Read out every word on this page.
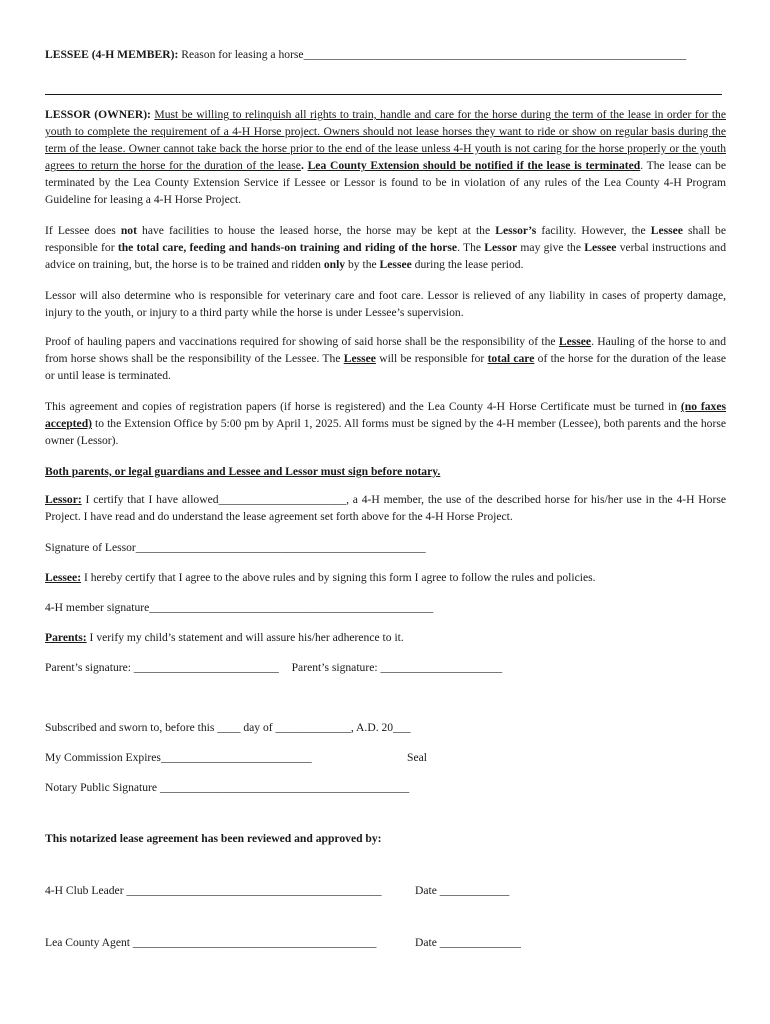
LESSEE (4-H MEMBER): Reason for leasing a horse__________________________________________________________________
LESSOR (OWNER): Must be willing to relinquish all rights to train, handle and care for the horse during the term of the lease in order for the youth to complete the requirement of a 4-H Horse project. Owners should not lease horses they want to ride or show on regular basis during the term of the lease. Owner cannot take back the horse prior to the end of the lease unless 4-H youth is not caring for the horse properly or the youth agrees to return the horse for the duration of the lease. Lea County Extension should be notified if the lease is terminated. The lease can be terminated by the Lea County Extension Service if Lessee or Lessor is found to be in violation of any rules of the Lea County 4-H Program Guideline for leasing a 4-H Horse Project.
If Lessee does not have facilities to house the leased horse, the horse may be kept at the Lessor’s facility. However, the Lessee shall be responsible for the total care, feeding and hands-on training and riding of the horse. The Lessor may give the Lessee verbal instructions and advice on training, but, the horse is to be trained and ridden only by the Lessee during the lease period.
Lessor will also determine who is responsible for veterinary care and foot care. Lessor is relieved of any liability in cases of property damage, injury to the youth, or injury to a third party while the horse is under Lessee’s supervision.
Proof of hauling papers and vaccinations required for showing of said horse shall be the responsibility of the Lessee. Hauling of the horse to and from horse shows shall be the responsibility of the Lessee. The Lessee will be responsible for total care of the horse for the duration of the lease or until lease is terminated.
This agreement and copies of registration papers (if horse is registered) and the Lea County 4-H Horse Certificate must be turned in (no faxes accepted) to the Extension Office by 5:00 pm by April 1, 2025. All forms must be signed by the 4-H member (Lessee), both parents and the horse owner (Lessor).
Both parents, or legal guardians and Lessee and Lessor must sign before notary.
Lessor: I certify that I have allowed______________________, a 4-H member, the use of the described horse for his/her use in the 4-H Horse Project. I have read and do understand the lease agreement set forth above for the 4-H Horse Project.
Signature of Lessor__________________________________________________
Lessee: I hereby certify that I agree to the above rules and by signing this form I agree to follow the rules and policies.
4-H member signature_________________________________________________
Parents: I verify my child’s statement and will assure his/her adherence to it.
Parent’s signature: _________________________ Parent’s signature: _____________________
Subscribed and sworn to, before this ____ day of _____________, A.D. 20___
My Commission Expires__________________________	Seal
Notary Public Signature ___________________________________________
This notarized lease agreement has been reviewed and approved by:
4-H Club Leader ____________________________________________	Date ____________
Lea County Agent __________________________________________	Date ______________
